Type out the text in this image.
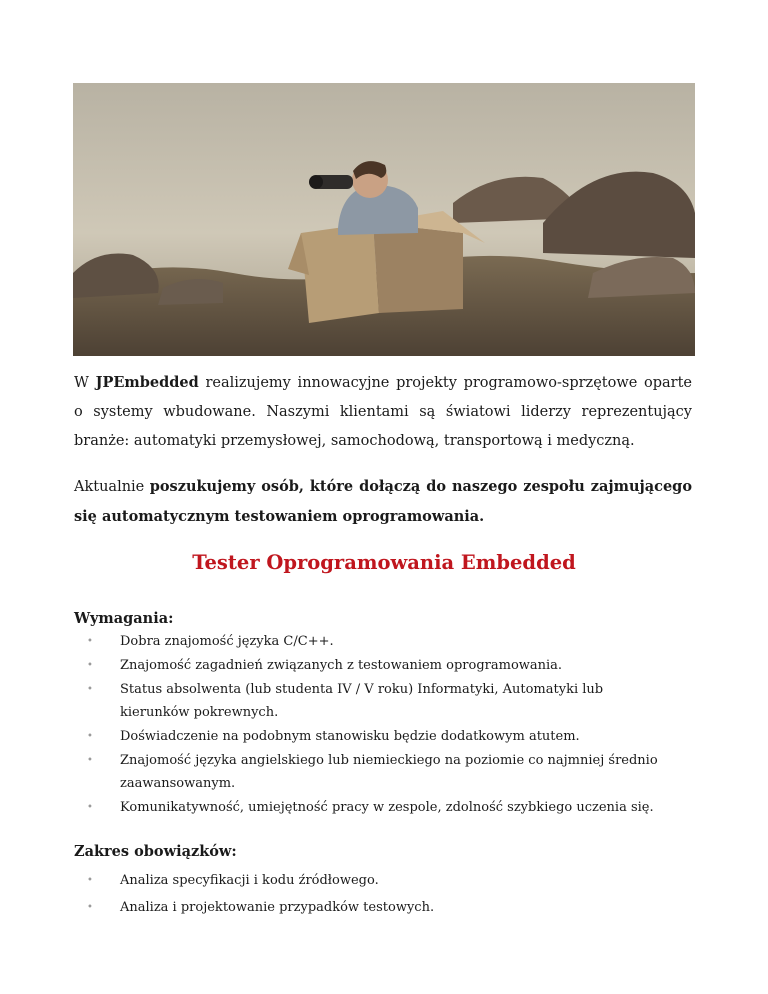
W JPEmbedded realizujemy innowacyjne projekty programowo-sprzętowe oparte o systemy wbudowane. Naszymi klientami są światowi liderzy reprezentujący branże: automatyki przemysłowej, samochodową, transportową i medyczną.

Aktualnie poszukujemy osób, które dołączą do naszego zespołu zajmującego się automatycznym testowaniem oprogramowania.

Tester Oprogramowania Embedded
Wymagania:
• Dobra znajomość języka C/C++.
• Znajomość zagadnień związanych z testowaniem oprogramowania.
• Status absolwenta (lub studenta IV / V roku) Informatyki, Automatyki lub kierunków pokrewnych.
• Doświadczenie na podobnym stanowisku będzie dodatkowym atutem.
• Znajomość języka angielskiego lub niemieckiego na poziomie co najmniej średnio zaawansowanym.
• Komunikatywność, umiejętność pracy w zespole, zdolność szybkiego uczenia się.
Zakres obowiązków:
• Analiza specyfikacji i kodu źródłowego.
• Analiza i projektowanie przypadków testowych.
